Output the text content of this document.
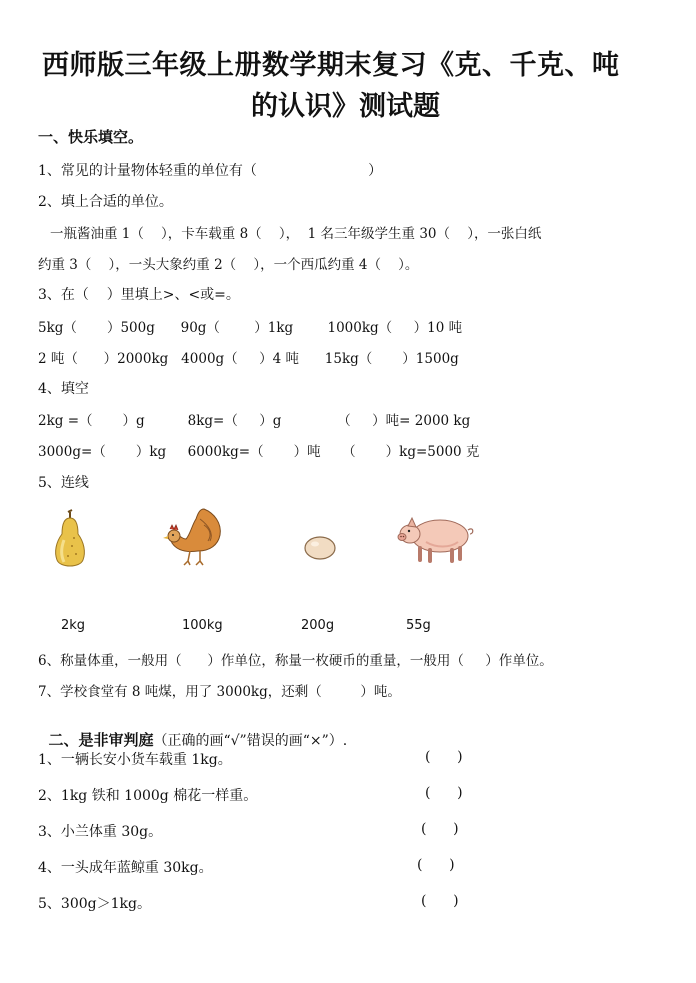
西师版三年级上册数学期末复习《克、千克、吨
的认识》测试题
一、快乐填空。
1、常见的计量物体轻重的单位有（                         ）
2、填上合适的单位。
一瓶酱油重 1（    ），卡车载重 8（    ），  1 名三年级学生重 30（    ），一张白纸
约重 3（    ），一头大象约重 2（    ），一个西瓜约重 4（    ）。
3、在（    ）里填上>、<或=。
5kg（       ）500g      90g（        ）1kg        1000kg（     ）10 吨
2 吨（      ）2000kg   4000g（     ）4 吨      15kg（       ）1500g
4、填空
2kg =（       ）g          8kg=（     ）g             （     ）吨= 2000 kg
3000g=（       ）kg     6000kg=（       ）吨     （       ）kg=5000 克
5、连线
2kg	100kg	200g	55g
6、称量体重，一般用（      ）作单位，称量一枚硬币的重量，一般用（     ）作单位。
7、学校食堂有 8 吨煤，用了 3000kg，还剩（         ）吨。

二、是非审判庭（正确的画“√”错误的画“×”）.

1、一辆长安小货车载重 1kg。	(      )
2、1kg 铁和 1000g 棉花一样重。	(      )
3、小兰体重 30g。	(      )
4、一头成年蓝鲸重 30kg。	(      )
5、300g＞1kg。	(      )
